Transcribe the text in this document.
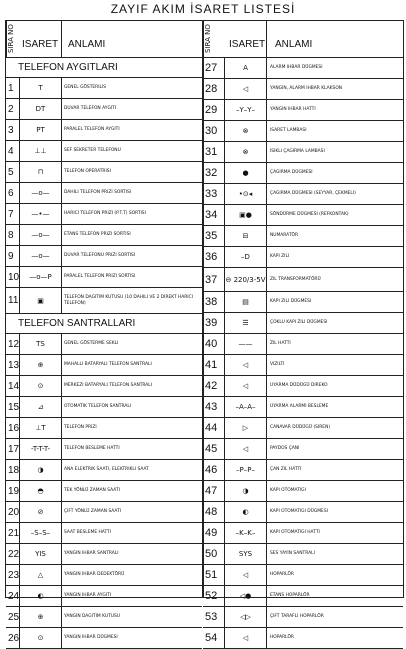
ZAYIF AKIM İSARET LISTESİ
SIRA NO ISARET ANLAMI
TELEFON AYGITLARI
1	T	GENEL GÖSTERILIS
2	DT	DUVAR TELEFON AYGITI
3	PT	PARALEL TELEFON AYGITI
4	⊥⊥	SEF SEKRETER TELEFONU
5	⊓	TELEFON OPERATRISI
6	—o—	DAHILI TELEFON PRIZI SORTISI
7	—•—	HARICI TELEFON PRIZI (P.T.T) SORTISI
8	—o—	ETANS TELEFON PRIZI SORTISI
9	—o—	DUVAR TELEFONU PRIZI SORTISI
10	—o—P	PARALEL TELEFON PRIZI SORTISI
11	▣	TELEFON DAGITIM KUTUSU (10 DAHILI VE 2 DIREKT HARICI TELEFON)
TELEFON SANTRALLARI
12	TS	GENEL GÖSTERME SEKLI
13	⊕	MAHALLI BATARYALI TELEFON SANTRALI
14	⊙	MERKEZI BATARYALI TELEFON SANTRALI
15	⊿	OTOMATIK TELEFON SANTRALI
16	⊥T	TELEFON PRIZI
17	-T-T-T-	TELEFON BESLEME HATTI
18	◑	ANA ELEKTRIK SAATI, ELEKTRIKLI SAAT
19	◓	TEK YÖNLÜ ZAMAN SAATI
20	⊘	ÇIFT YÖNLÜ ZAMAN SAATI
21	–S–S–	SAAT BESLEME HATTI
22	YIS	YANGIN IHBAR SANTRALI
23	△	YANGIN IHBAR DEDEKTÖRÜ
24	◐	YANGIN IHBAR AYGITI
25	⊕	YANGIN DAGITIM KUTUSU
26	⊙	YANGIN IHBAR DÜGMESI
SIRA NO	ISARET ANLAMI
27	A	ALARM IHBAR DÜGMESI
28	◁	YANGIN, ALARM IHBAR KLAKSON
29	–Y–Y–	YANGIN IHBAR HATTI
30	⊗	ISARET LAMBASI
31	⊗	ISIKLI ÇAGIRMA LAMBASI
32	●	ÇAGIRMA DÜGMESI
33	•⊙◂	ÇAGIRMA DÜGMESI (SEYYAR, ÇEKMELI)
34	▣●	SÖNDÜRME DÜGMESI (REFKONTAK)
35	⊟	NUMARATÖR
36	–D	KAPI ZILI
37	⊖ 220/3-5V	ZIL TRANSFORMATÖRÜ
38	▤	KAPI ZILI DÜGMESI
39	☰	ÇOKLU KAPI ZILI DÜGMESI
40	——	ZIL HATTI
41	◁	VIZILTI
42	◁	UYARMA DÜDÜGÜ DIREKO
43	–A–A–	UYARMA ALARMI BESLEME
44	▷	CANAVAR DÜDÜGÜ (SIREN)
45	◁	PAYDOS ÇANI
46	–P–P–	ÇAN ZIL HATTI
47	◑	KAPI OTOMATIGI
48	◐	KAPI OTOMATIGI DÜGMESI
49	–K–K–	KAPI OTOMATIGI HATTI
50	SYS	SES YAYIN SANTRALI
51	◁	HOPARLÖR
52	◁●	ETANS HOPARLÖR
53	◁▷	ÇIFT TARAFLI HOPARLÖR
54	◁	HOPARLÖR
